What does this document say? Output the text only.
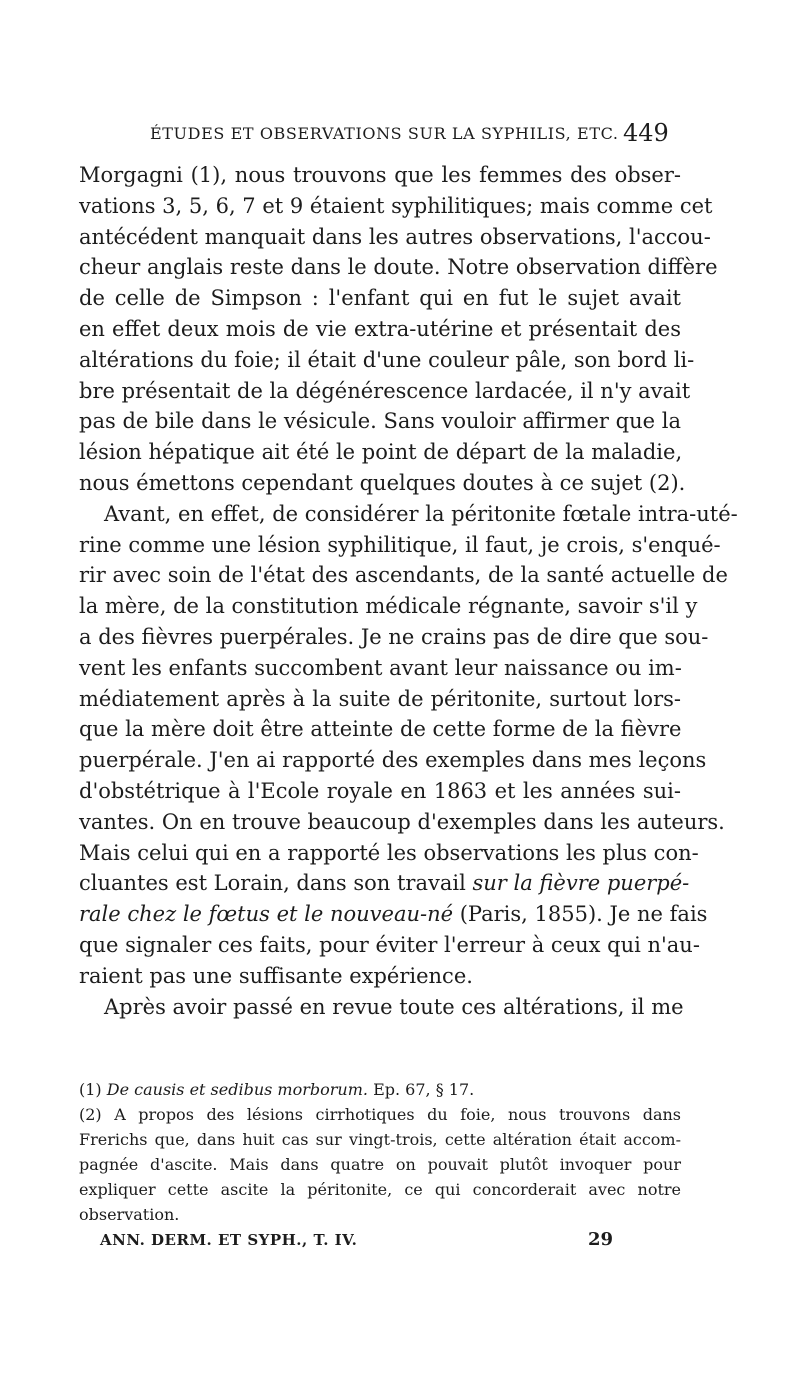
ÉTUDES ET OBSERVATIONS SUR LA SYPHILIS, ETC. 449

Morgagni (1), nous trouvons que les femmes des obser-

vations 3, 5, 6, 7 et 9 étaient syphilitiques; mais comme cet

antécédent manquait dans les autres observations, l'accou-

cheur anglais reste dans le doute. Notre observation diffère

de celle de Simpson : l'enfant qui en fut le sujet avait

en effet deux mois de vie extra-utérine et présentait des

altérations du foie; il était d'une couleur pâle, son bord li-

bre présentait de la dégénérescence lardacée, il n'y avait

pas de bile dans le vésicule. Sans vouloir affirmer que la

lésion hépatique ait été le point de départ de la maladie,

nous émettons cependant quelques doutes à ce sujet (2).

Avant, en effet, de considérer la péritonite fœtale intra-uté-

rine comme une lésion syphilitique, il faut, je crois, s'enqué-

rir avec soin de l'état des ascendants, de la santé actuelle de

la mère, de la constitution médicale régnante, savoir s'il y

a des fièvres puerpérales. Je ne crains pas de dire que sou-

vent les enfants succombent avant leur naissance ou im-

médiatement après à la suite de péritonite, surtout lors-

que la mère doit être atteinte de cette forme de la fièvre

puerpérale. J'en ai rapporté des exemples dans mes leçons

d'obstétrique à l'Ecole royale en 1863 et les années sui-

vantes. On en trouve beaucoup d'exemples dans les auteurs.

Mais celui qui en a rapporté les observations les plus con-

cluantes est Lorain, dans son travail sur la fièvre puerpé-

rale chez le fœtus et le nouveau-né (Paris, 1855). Je ne fais

que signaler ces faits, pour éviter l'erreur à ceux qui n'au-

raient pas une suffisante expérience.

Après avoir passé en revue toute ces altérations, il me

ANN. DERM. ET SYPH., T. IV.	29

(1) De causis et sedibus morborum. Ep. 67, § 17.

(2) A propos des lésions cirrhotiques du foie, nous trouvons dans

Frerichs que, dans huit cas sur vingt-trois, cette altération était accom-

pagnée d'ascite. Mais dans quatre on pouvait plutôt invoquer pour

expliquer cette ascite la péritonite, ce qui concorderait avec notre

observation.
